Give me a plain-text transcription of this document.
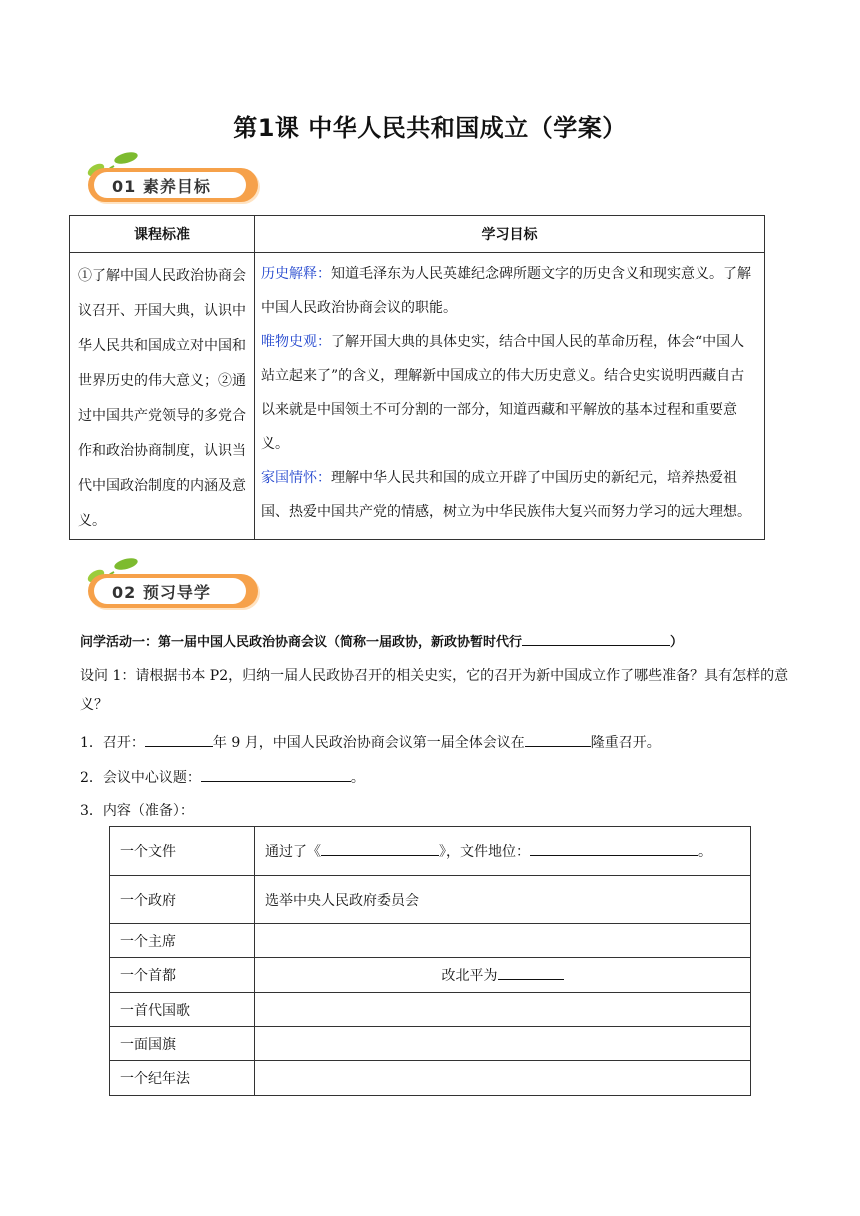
第1课 中华人民共和国成立（学案）
01 素养目标
课程标准	学习目标
①了解中国人民政治协商会议召开、开国大典，认识中华人民共和国成立对中国和世界历史的伟大意义；②通过中国共产党领导的多党合作和政治协商制度，认识当代中国政治制度的内涵及意义。	历史解释：知道毛泽东为人民英雄纪念碑所题文字的历史含义和现实意义。了解中国人民政治协商会议的职能。
唯物史观：了解开国大典的具体史实，结合中国人民的革命历程，体会“中国人站立起来了”的含义，理解新中国成立的伟大历史意义。结合史实说明西藏自古以来就是中国领土不可分割的一部分，知道西藏和平解放的基本过程和重要意义。
家国情怀：理解中华人民共和国的成立开辟了中国历史的新纪元，培养热爱祖国、热爱中国共产党的情感，树立为中华民族伟大复兴而努力学习的远大理想。
02 预习导学
问学活动一：第一届中国人民政治协商会议（简称一届政协，新政协暂时代行	）
设问 1：请根据书本 P2，归纳一届人民政协召开的相关史实，它的召开为新中国成立作了哪些准备？具有怎样的意义？
1．召开：	年 9 月，中国人民政治协商会议第一届全体会议在	隆重召开。
2．会议中心议题：	。
3．内容（准备）：
一个文件	通过了《 》，文件地位： 。
一个政府	选举中央人民政府委员会
一个主席	
一个首都	改北平为
一首代国歌	
一面国旗	
一个纪年法	
